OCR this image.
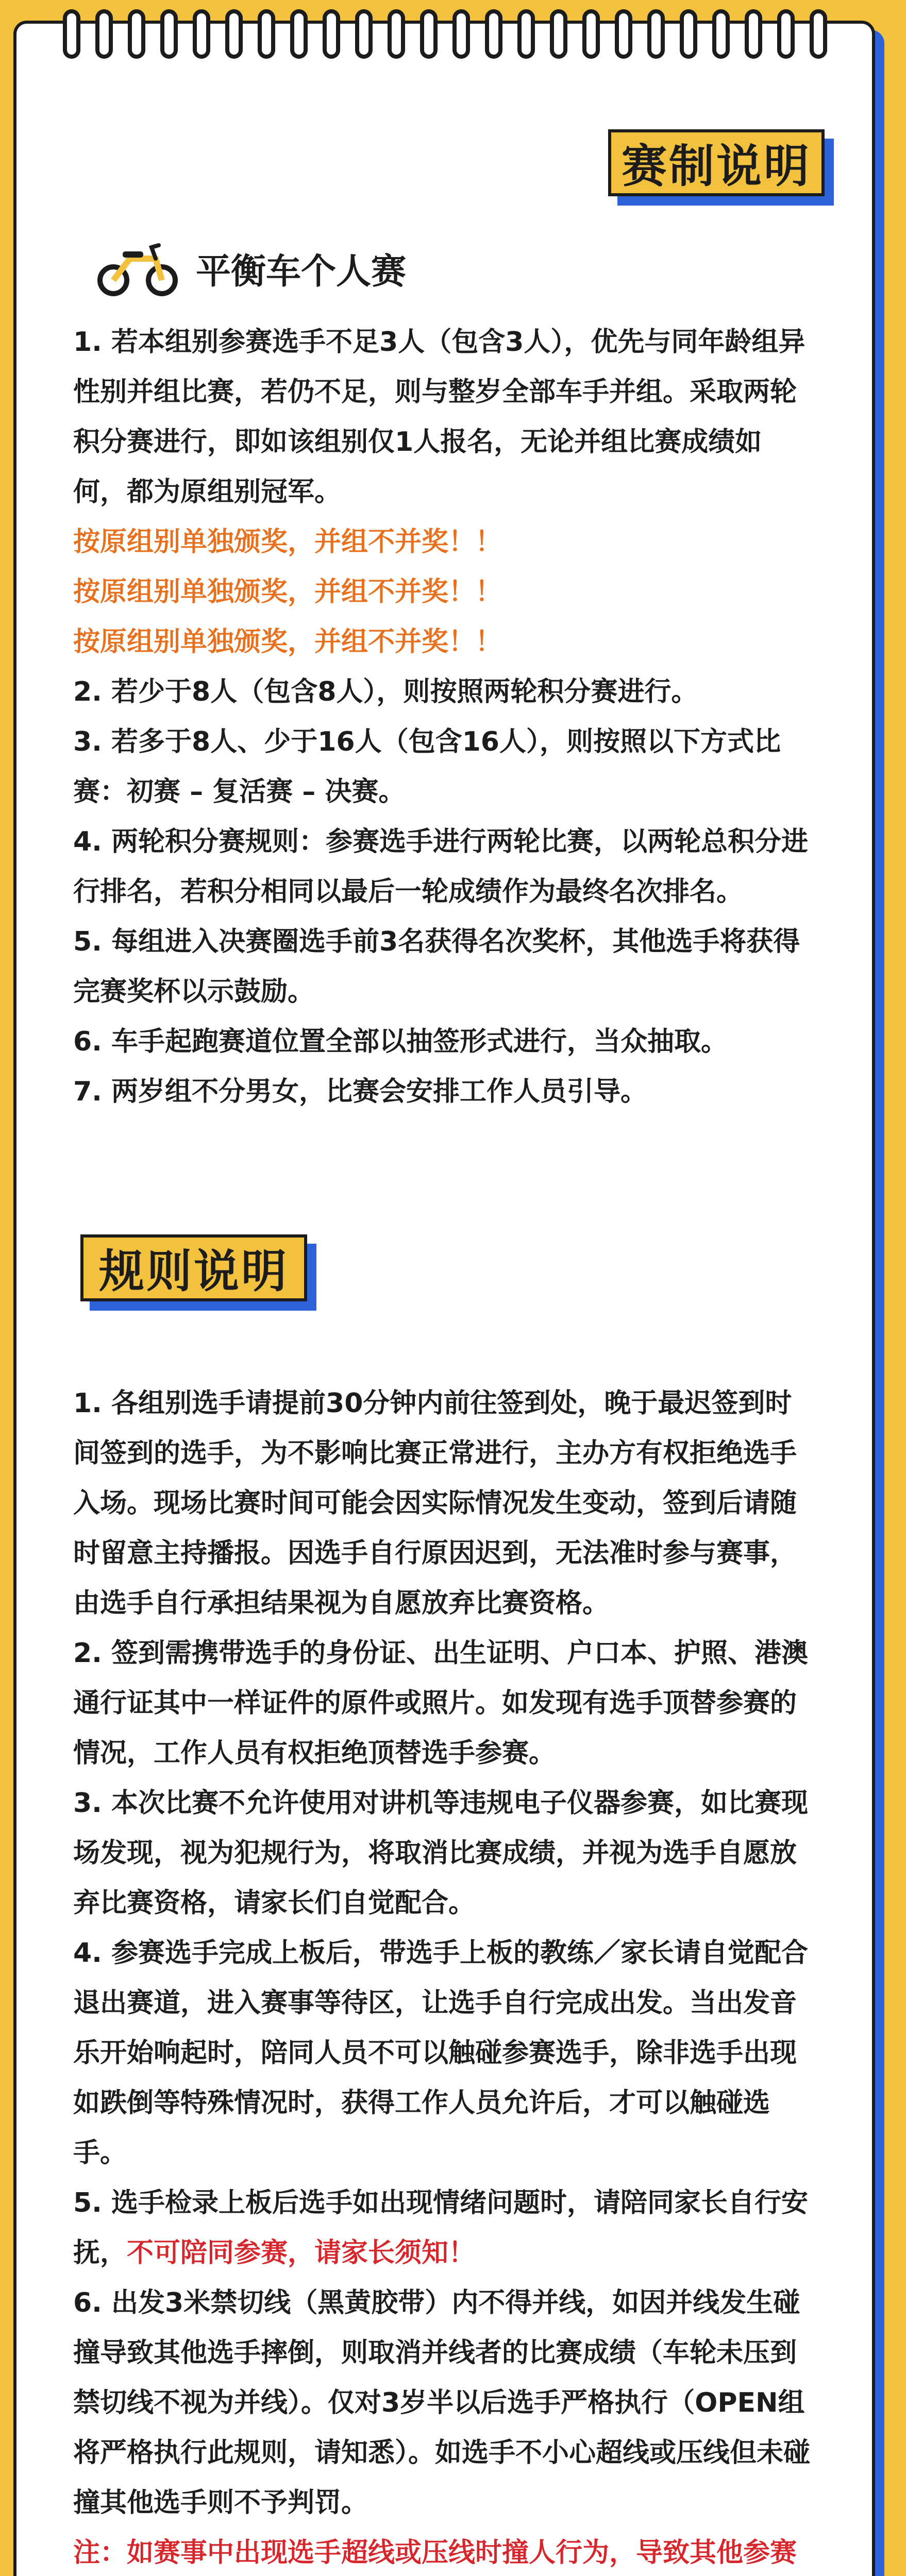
赛制说明
平衡车个人赛

1. 若本组别参赛选手不足3人（包含3人），优先与同年龄组异性别并组比赛，若仍不足，则与整岁全部车手并组。采取两轮积分赛进行，即如该组别仅1人报名，无论并组比赛成绩如何，都为原组别冠军。

按原组别单独颁奖，并组不并奖！！

按原组别单独颁奖，并组不并奖！！

按原组别单独颁奖，并组不并奖！！

2. 若少于8人（包含8人），则按照两轮积分赛进行。

3. 若多于8人、少于16人（包含16人），则按照以下方式比赛：初赛 – 复活赛 – 决赛。

4. 两轮积分赛规则：参赛选手进行两轮比赛，以两轮总积分进行排名，若积分相同以最后一轮成绩作为最终名次排名。

5. 每组进入决赛圈选手前3名获得名次奖杯，其他选手将获得完赛奖杯以示鼓励。

6. 车手起跑赛道位置全部以抽签形式进行，当众抽取。

7. 两岁组不分男女，比赛会安排工作人员引导。

规则说明

1. 各组别选手请提前30分钟内前往签到处，晚于最迟签到时间签到的选手，为不影响比赛正常进行，主办方有权拒绝选手入场。现场比赛时间可能会因实际情况发生变动，签到后请随时留意主持播报。因选手自行原因迟到，无法准时参与赛事，由选手自行承担结果视为自愿放弃比赛资格。

2. 签到需携带选手的身份证、出生证明、户口本、护照、港澳通行证其中一样证件的原件或照片。如发现有选手顶替参赛的情况，工作人员有权拒绝顶替选手参赛。

3. 本次比赛不允许使用对讲机等违规电子仪器参赛，如比赛现场发现，视为犯规行为，将取消比赛成绩，并视为选手自愿放弃比赛资格，请家长们自觉配合。

4. 参赛选手完成上板后，带选手上板的教练／家长请自觉配合退出赛道，进入赛事等待区，让选手自行完成出发。当出发音乐开始响起时，陪同人员不可以触碰参赛选手，除非选手出现如跌倒等特殊情况时，获得工作人员允许后，才可以触碰选手。

5. 选手检录上板后选手如出现情绪问题时，请陪同家长自行安抚，不可陪同参赛，请家长须知！

6. 出发3米禁切线（黑黄胶带）内不得并线，如因并线发生碰撞导致其他选手摔倒，则取消并线者的比赛成绩（车轮未压到禁切线不视为并线）。仅对3岁半以后选手严格执行（OPEN组将严格执行此规则，请知悉）。如选手不小心超线或压线但未碰撞其他选手则不予判罚。

注：如赛事中出现选手超线或压线时撞人行为，导致其他参赛
